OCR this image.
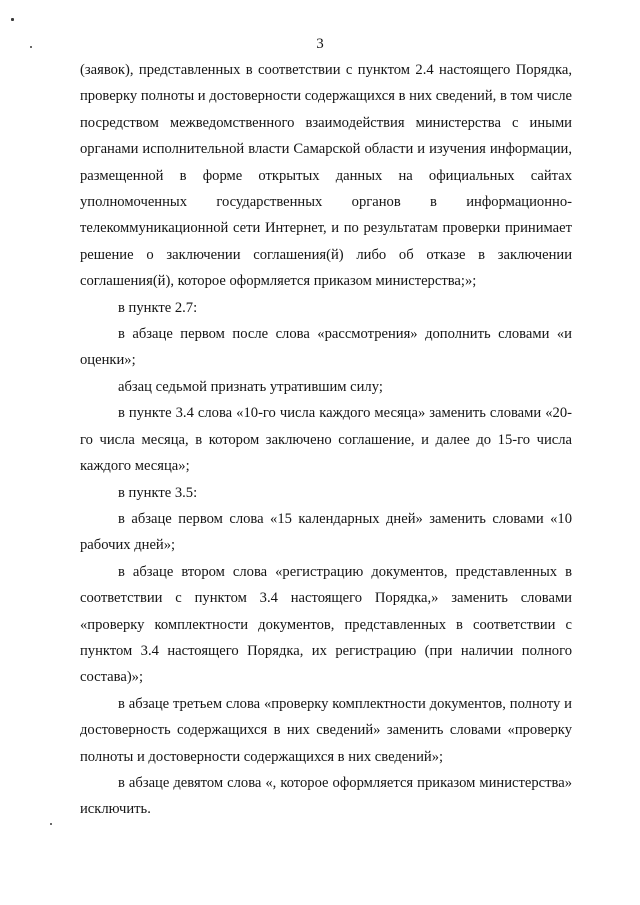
3

(заявок), представленных в соответствии с пунктом 2.4 настоящего Порядка, проверку полноты и достоверности содержащихся в них сведений, в том числе посредством межведомственного взаимодействия министерства с иными органами исполнительной власти Самарской области и изучения информации, размещенной в форме открытых данных на официальных сайтах уполномоченных государственных органов в информационно-телекоммуникационной сети Интернет, и по результатам проверки принимает решение о заключении соглашения(й) либо об отказе в заключении соглашения(й), которое оформляется приказом министерства;»;

в пункте 2.7:

в абзаце первом после слова «рассмотрения» дополнить словами «и оценки»;

абзац седьмой признать утратившим силу;

в пункте 3.4 слова «10-го числа каждого месяца» заменить словами «20-го числа месяца, в котором заключено соглашение, и далее до 15-го числа каждого месяца»;

в пункте 3.5:

в абзаце первом слова «15 календарных дней» заменить словами «10 рабочих дней»;

в абзаце втором слова «регистрацию документов, представленных в соответствии с пунктом 3.4 настоящего Порядка,» заменить словами «проверку комплектности документов, представленных в соответствии с пунктом 3.4 настоящего Порядка, их регистрацию (при наличии полного состава)»;

в абзаце третьем слова «проверку комплектности документов, полноту и достоверность содержащихся в них сведений» заменить словами «проверку полноты и достоверности содержащихся в них сведений»;

в абзаце девятом слова «, которое оформляется приказом министерства» исключить.
